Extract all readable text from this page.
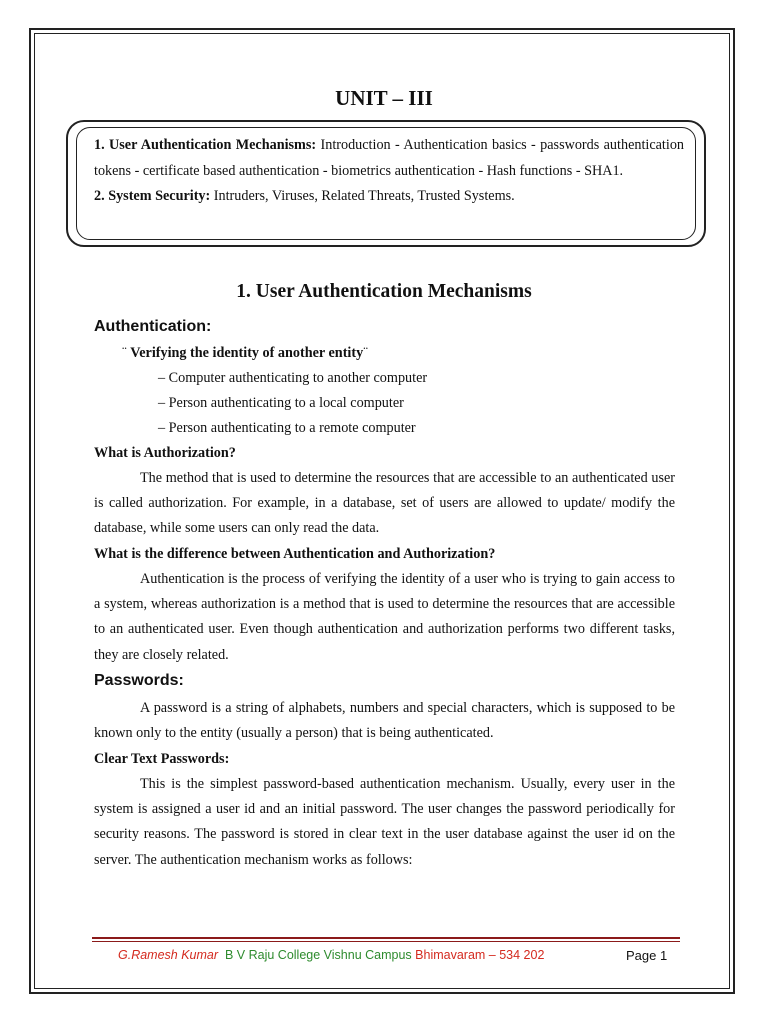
UNIT – III
1. User Authentication Mechanisms: Introduction - Authentication basics - passwords authentication tokens - certificate based authentication - biometrics authentication - Hash functions - SHA1.
2. System Security: Intruders, Viruses, Related Threats, Trusted Systems.
1. User Authentication Mechanisms
Authentication:
¨ Verifying the identity of another entity¨
– Computer authenticating to another computer
– Person authenticating to a local computer
– Person authenticating to a remote computer
What is Authorization?
The method that is used to determine the resources that are accessible to an authenticated user is called authorization. For example, in a database, set of users are allowed to update/ modify the database, while some users can only read the data.
What is the difference between Authentication and Authorization?
Authentication is the process of verifying the identity of a user who is trying to gain access to a system, whereas authorization is a method that is used to determine the resources that are accessible to an authenticated user. Even though authentication and authorization performs two different tasks, they are closely related.
Passwords:
A password is a string of alphabets, numbers and special characters, which is supposed to be known only to the entity (usually a person) that is being authenticated.
Clear Text Passwords:
This is the simplest password-based authentication mechanism. Usually, every user in the system is assigned a user id and an initial password. The user changes the password periodically for security reasons. The password is stored in clear text in the user database against the user id on the server. The authentication mechanism works as follows:
G.Ramesh Kumar B V Raju College Vishnu Campus Bhimavaram – 534 202	Page 1
